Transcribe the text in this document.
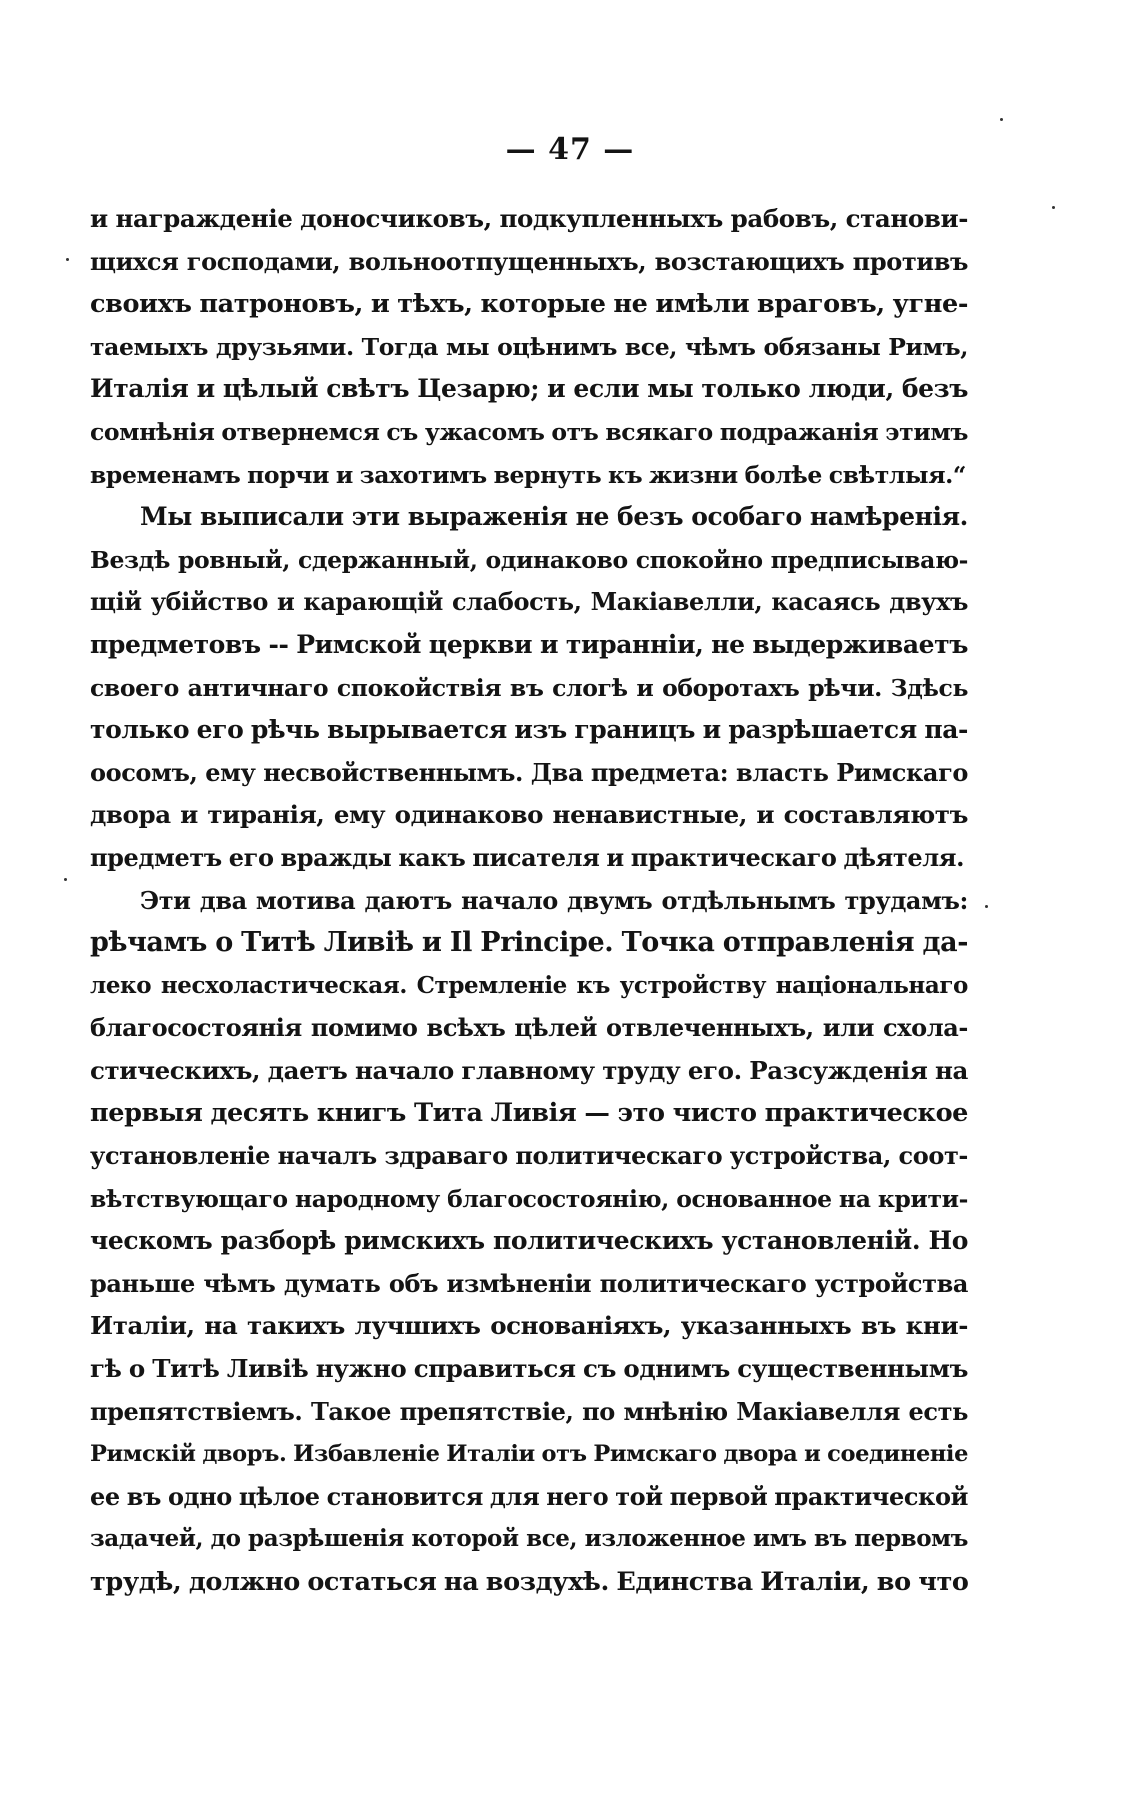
— 47 —
и награжденіе доносчиковъ, подкупленныхъ рабовъ, станови-
щихся господами, вольноотпущенныхъ, возстающихъ противъ
своихъ патроновъ, и тѣхъ, которые не имѣли враговъ, угне-
таемыхъ друзьями. Тогда мы оцѣнимъ все, чѣмъ обязаны Римъ,
Италія и цѣлый свѣтъ Цезарю; и если мы только люди, безъ
сомнѣнія отвернемся съ ужасомъ отъ всякаго подражанія этимъ
временамъ порчи и захотимъ вернуть къ жизни болѣе свѣтлыя.“
Мы выписали эти выраженія не безъ особаго намѣренія.
Вездѣ ровный, сдержанный, одинаково спокойно предписываю-
щій убійство и карающій слабость, Макіавелли, касаясь двухъ
предметовъ -- Римской церкви и тиранніи, не выдерживаетъ
своего античнаго спокойствія въ слогѣ и оборотахъ рѣчи. Здѣсь
только его рѣчь вырывается изъ границъ и разрѣшается па-
оосомъ, ему несвойственнымъ. Два предмета: власть Римскаго
двора и тиранія, ему одинаково ненавистные, и составляютъ
предметъ его вражды какъ писателя и практическаго дѣятеля.
Эти два мотива даютъ начало двумъ отдѣльнымъ трудамъ:
рѣчамъ о Титѣ Ливіѣ и Il Principe. Точка отправленія да-
леко несхоластическая. Стремленіе къ устройству національнаго
благосостоянія помимо всѣхъ цѣлей отвлеченныхъ, или схола-
стическихъ, даетъ начало главному труду его. Разсужденія на
первыя десять книгъ Тита Ливія — это чисто практическое
установленіе началъ здраваго политическаго устройства, соот-
вѣтствующаго народному благосостоянію, основанное на крити-
ческомъ разборѣ римскихъ политическихъ установленій. Но
раньше чѣмъ думать объ измѣненіи политическаго устройства
Италіи, на такихъ лучшихъ основаніяхъ, указанныхъ въ кни-
гѣ о Титѣ Ливіѣ нужно справиться съ однимъ существеннымъ
препятствіемъ. Такое препятствіе, по мнѣнію Макіавелля есть
Римскій дворъ. Избавленіе Италіи отъ Римскаго двора и соединеніе
ее въ одно цѣлое становится для него той первой практической
задачей, до разрѣшенія которой все, изложенное имъ въ первомъ
трудѣ, должно остаться на воздухѣ. Единства Италіи, во что
